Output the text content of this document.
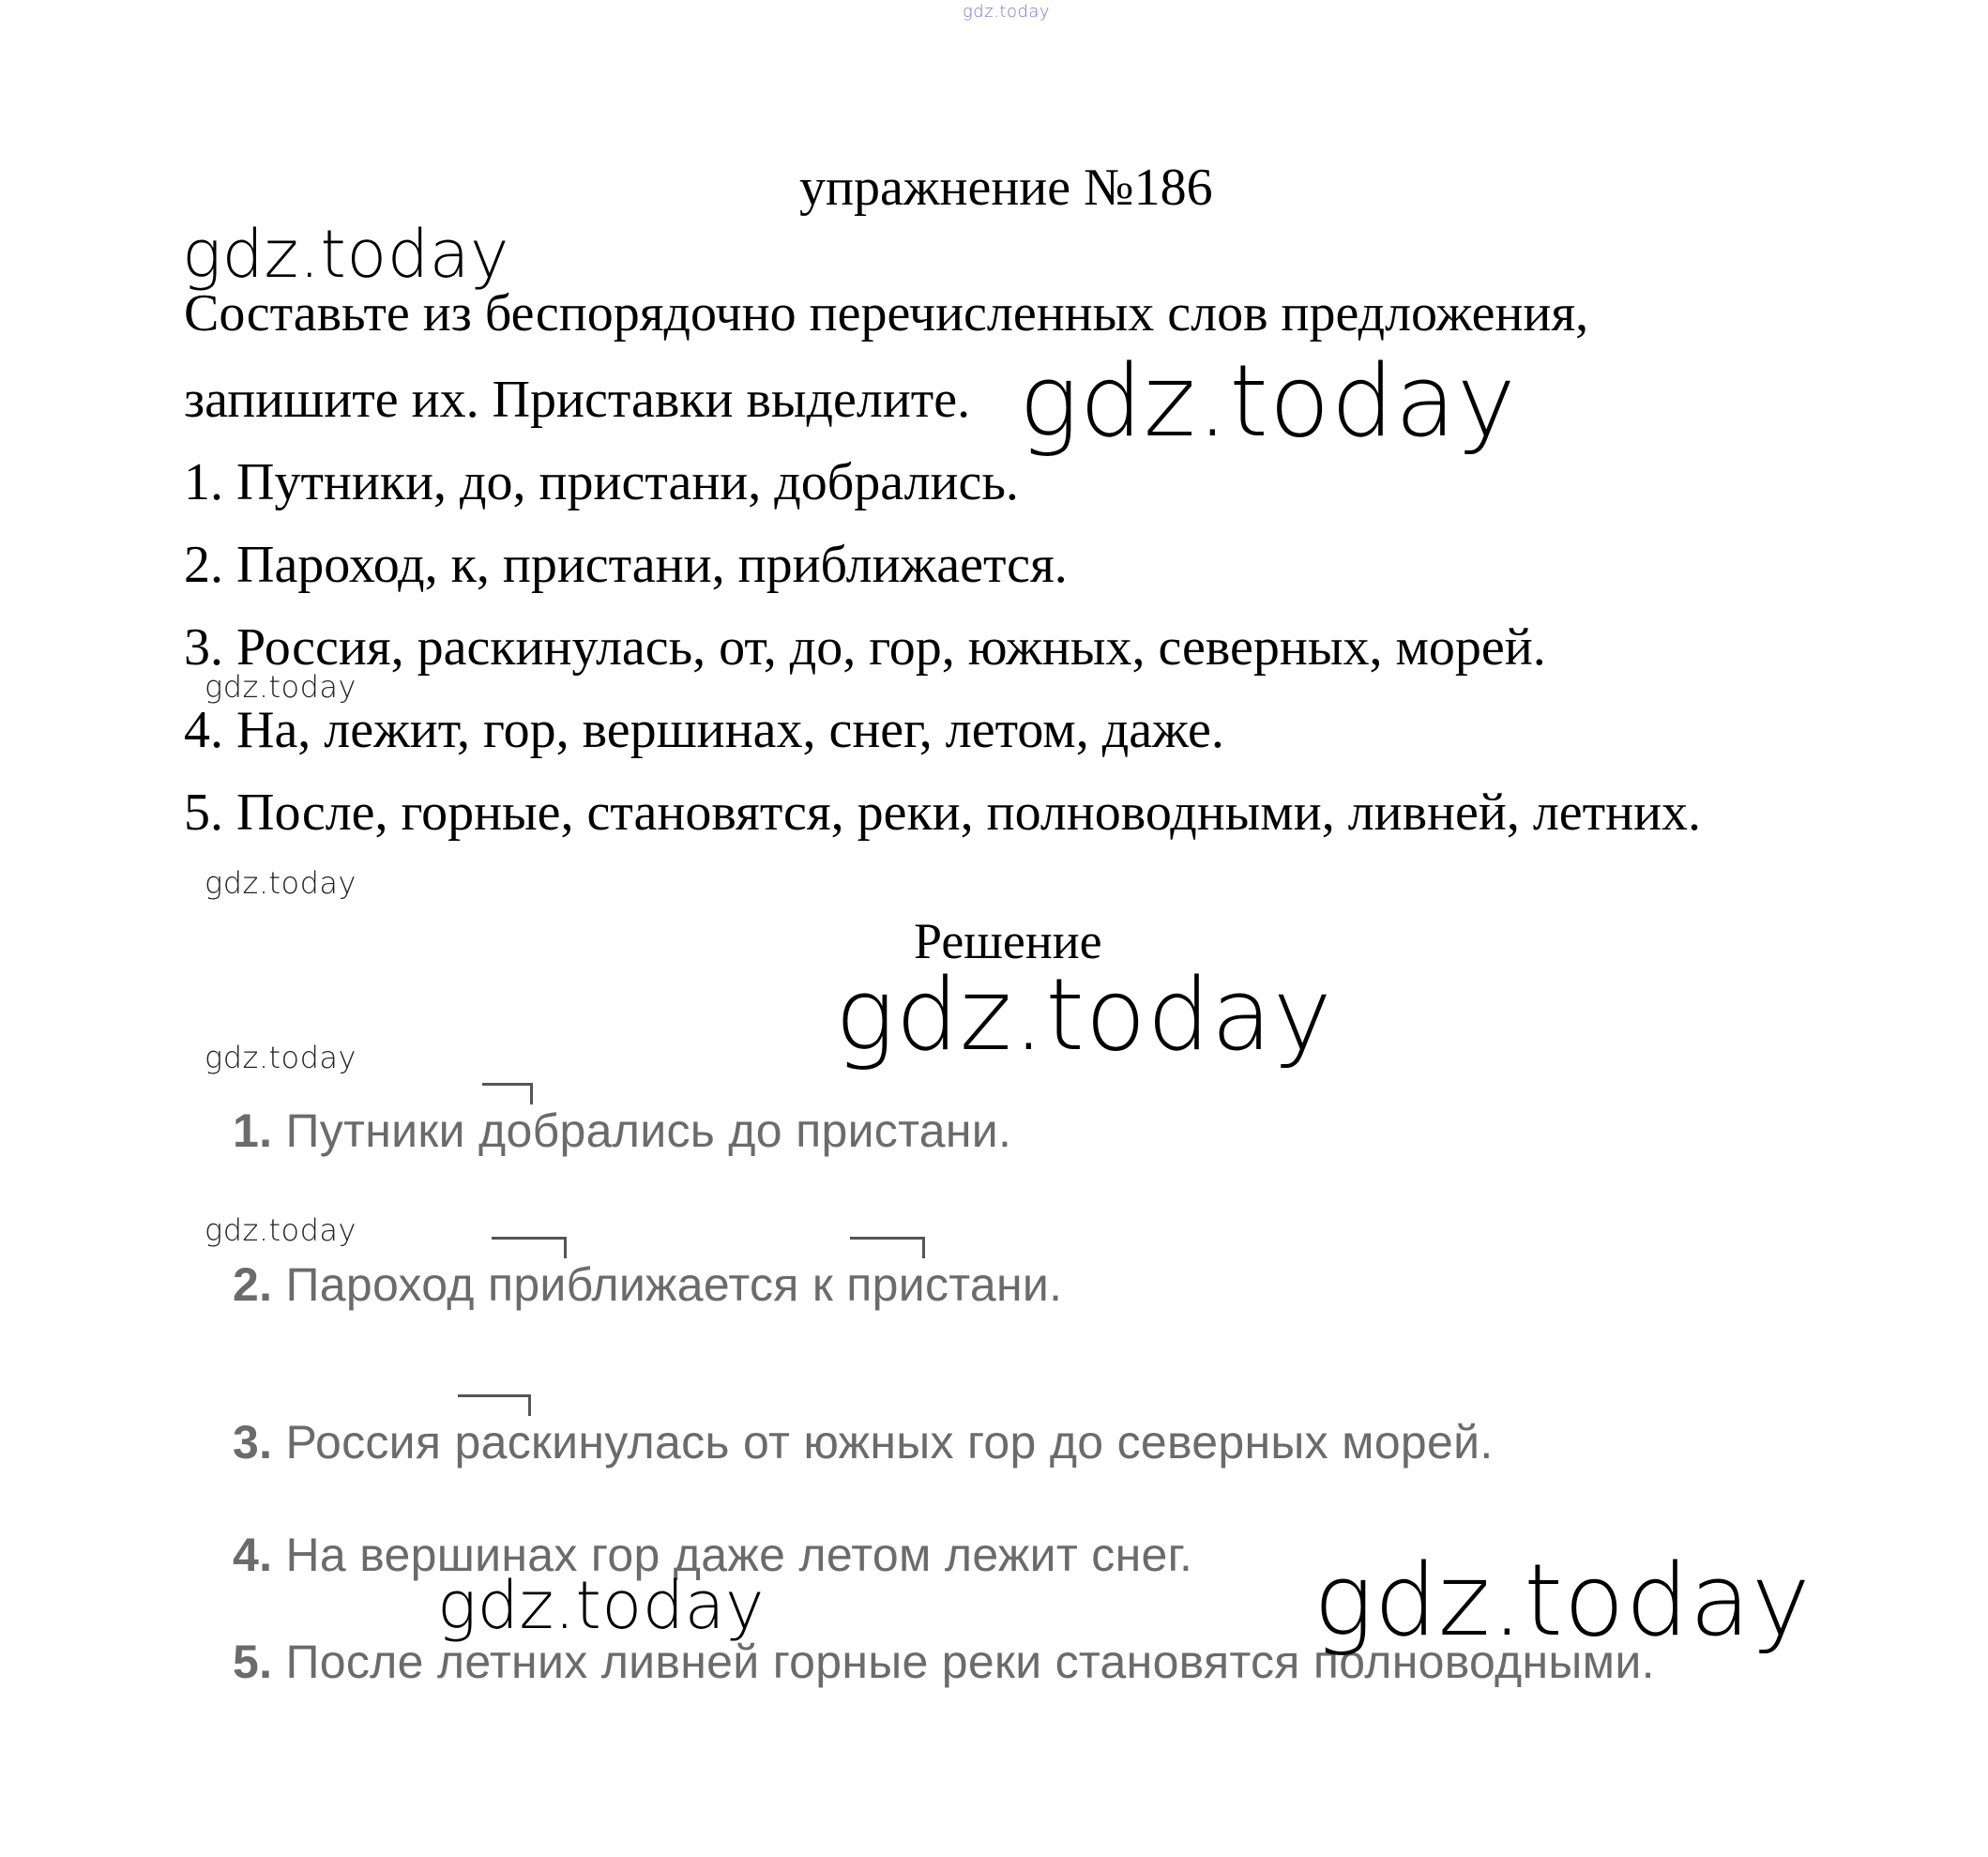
gdz.today
упражнение №186
gdz.today
Составьте из беспорядочно перечисленных слов предложения,
запишите их. Приставки выделите. gdz.today
1. Путники, до, пристани, добрались.
2. Пароход, к, пристани, приближается.
3. Россия, раскинулась, от, до, гор, южных, северных, морей.
gdz.today
4. На, лежит, гор, вершинах, снег, летом, даже.
5. После, горные, становятся, реки, полноводными, ливней, летних.
gdz.today
Решение
gdz.today
gdz.today
1. Путники добрались до пристани.
gdz.today
2. Пароход приближается к пристани.
3. Россия раскинулась от южных гор до северных морей.
4. На вершинах гор даже летом лежит снег.
5. После летних ливней горные реки становятся полноводными.
gdz.today	gdz.today
